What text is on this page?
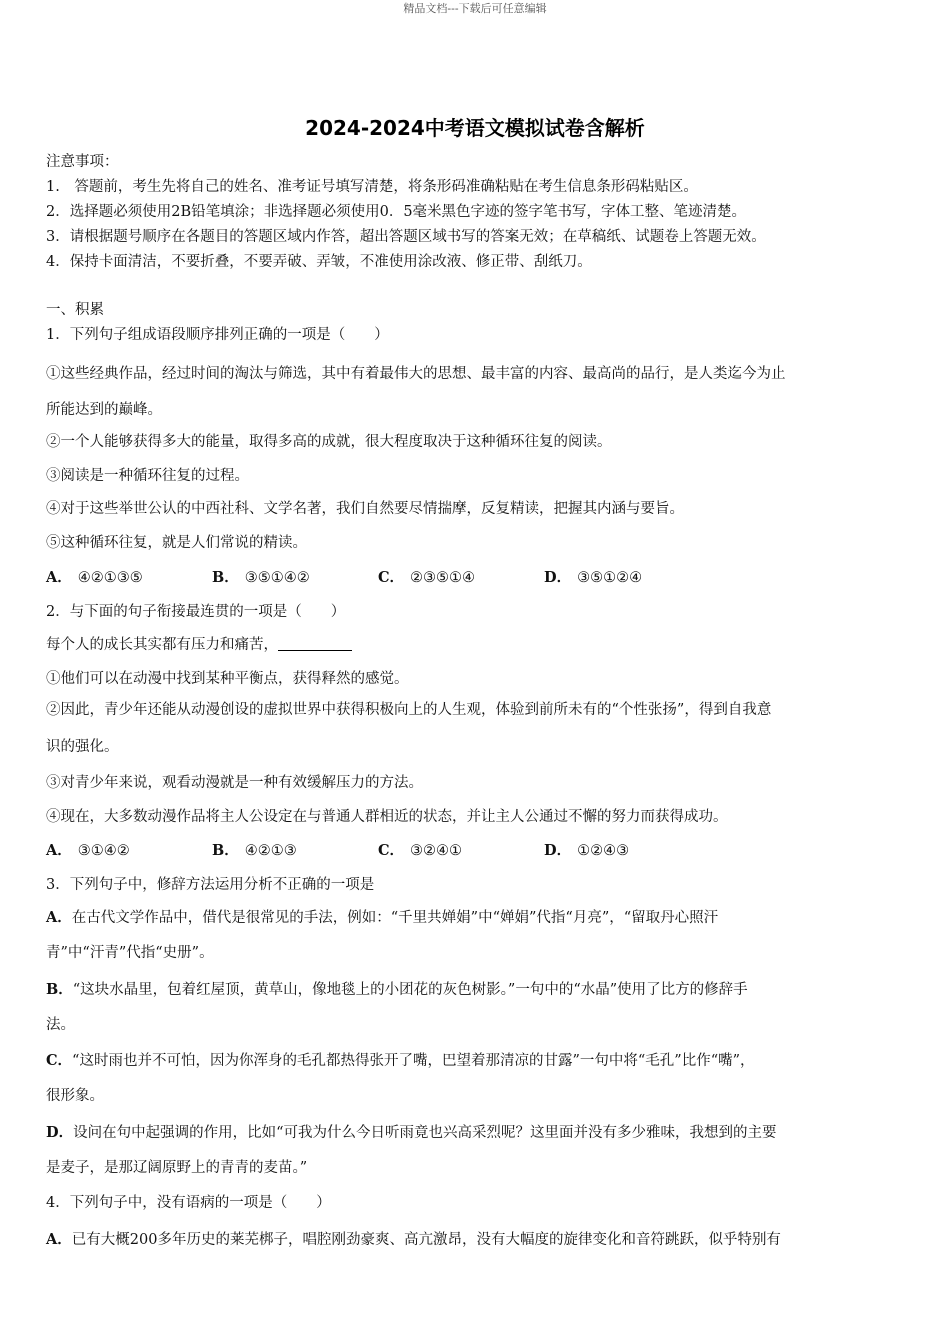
精品文档---下载后可任意编辑
2024-2024中考语文模拟试卷含解析

注意事项：

1.　答题前，考生先将自己的姓名、准考证号填写清楚，将条形码准确粘贴在考生信息条形码粘贴区。

2．选择题必须使用2B铅笔填涂；非选择题必须使用0．5毫米黑色字迹的签字笔书写，字体工整、笔迹清楚。

3．请根据题号顺序在各题目的答题区域内作答，超出答题区域书写的答案无效；在草稿纸、试题卷上答题无效。

4．保持卡面清洁，不要折叠，不要弄破、弄皱，不准使用涂改液、修正带、刮纸刀。

一、积累

1．下列句子组成语段顺序排列正确的一项是（　　）

①这些经典作品，经过时间的淘汰与筛选，其中有着最伟大的思想、最丰富的内容、最高尚的品行，是人类迄今为止

所能达到的巅峰。

②一个人能够获得多大的能量，取得多高的成就，很大程度取决于这种循环往复的阅读。

③阅读是一种循环往复的过程。

④对于这些举世公认的中西社科、文学名著，我们自然要尽情揣摩，反复精读，把握其内涵与要旨。

⑤这种循环往复，就是人们常说的精读。

A． ④②①③⑤	B． ③⑤①④②	C． ②③⑤①④	D． ③⑤①②④

2．与下面的句子衔接最连贯的一项是（　　）

每个人的成长其实都有压力和痛苦，

①他们可以在动漫中找到某种平衡点，获得释然的感觉。

②因此，青少年还能从动漫创设的虚拟世界中获得积极向上的人生观，体验到前所未有的“个性张扬”，得到自我意

识的强化。

③对青少年来说，观看动漫就是一种有效缓解压力的方法。

④现在，大多数动漫作品将主人公设定在与普通人群相近的状态，并让主人公通过不懈的努力而获得成功。

A． ③①④②	B． ④②①③	C． ③②④①	D． ①②④③

3．下列句子中，修辞方法运用分析不正确的一项是

A．在古代文学作品中，借代是很常见的手法，例如：“千里共婵娟”中“婵娟”代指“月亮”，“留取丹心照汗

青”中“汗青”代指“史册”。

B．“这块水晶里，包着红屋顶，黄草山，像地毯上的小团花的灰色树影。”一句中的“水晶”使用了比方的修辞手

法。

C．“这时雨也并不可怕，因为你浑身的毛孔都热得张开了嘴，巴望着那清凉的甘露”一句中将“毛孔”比作“嘴”，

很形象。

D．设问在句中起强调的作用，比如“可我为什么今日听雨竟也兴高采烈呢？这里面并没有多少雅味，我想到的主要

是麦子，是那辽阔原野上的青青的麦苗。”

4．下列句子中，没有语病的一项是（　　）

A．已有大概200多年历史的莱芜梆子，唱腔刚劲豪爽、高亢激昂，没有大幅度的旋律变化和音符跳跃，似乎特别有
